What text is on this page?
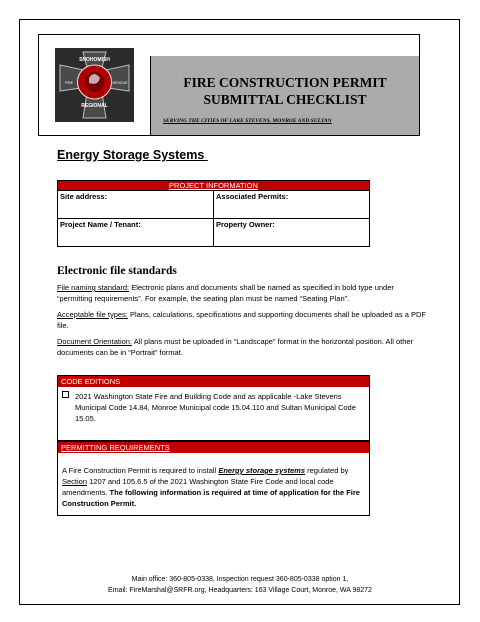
SNOHOMISH
REGIONAL
FIRE	RESCUE	FIRE CONSTRUCTION PERMIT
SUBMITTAL CHECKLIST
SERVING THE CITIES OF LAKE STEVENS, MONROE AND SULTAN
Energy Storage Systems
PROJECT INFORMATION	
Site address:	Associated Permits:
Project Name / Tenant:	Property Owner:
Electronic file standards
File naming standard: Electronic plans and documents shall be named as specified in bold type under “permitting requirements”. For example, the seating plan must be named “Seating Plan”.
Acceptable file types: Plans, calculations, specifications and supporting documents shall be uploaded as a PDF file.
Document Orientation: All plans must be uploaded in “Landscape” format in the horizontal position. All other documents can be in “Portrait” format.
CODE EDITIONS
2021 Washington State Fire and Building Code and as applicable -Lake Stevens Municipal Code 14.84, Monroe Municipal code 15.04.110 and Sultan Municipal Code 15.05.
PERMITTING REQUIREMENTS
A Fire Construction Permit is required to install Energy storage systems regulated by Section 1207 and 105.6.5 of the 2021 Washington State Fire Code and local code amendments. The following information is required at time of application for the Fire Construction Permit.
Main office: 360-805-0338, Inspection request 360-805-0338 option 1,
Email: FireMarshal@SRFR.org, Headquarters: 163 Village Court, Monroe, WA 98272
